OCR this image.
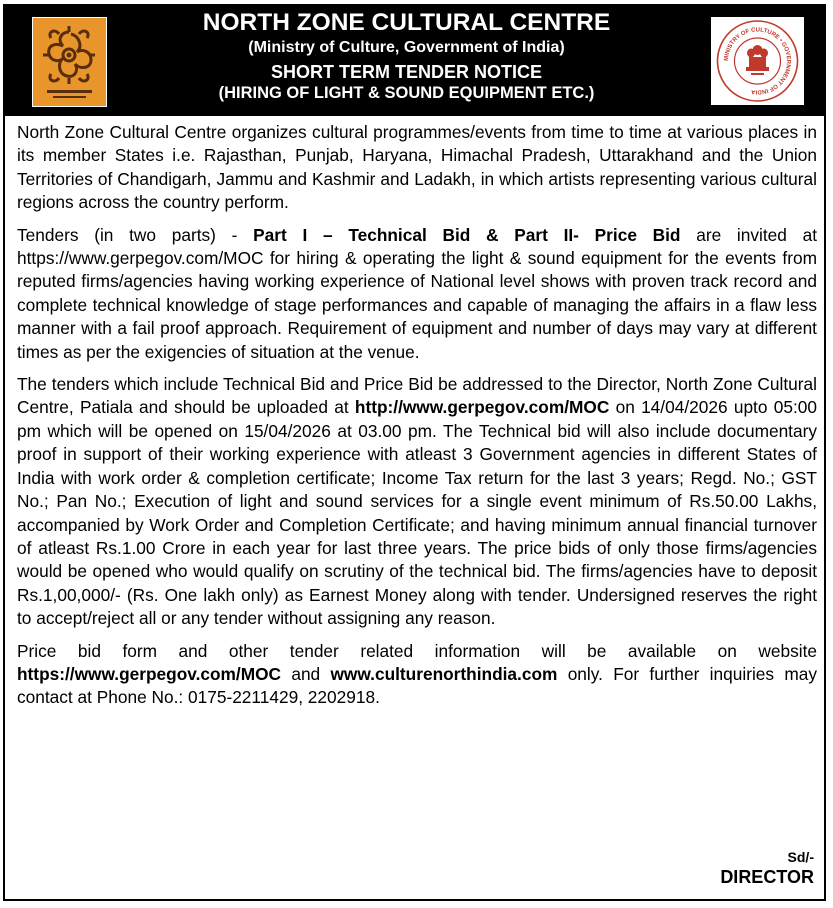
NORTH ZONE CULTURAL CENTRE
(Ministry of Culture, Government of India)
SHORT TERM TENDER NOTICE
(HIRING OF LIGHT & SOUND EQUIPMENT ETC.)
MINISTRY OF CULTURE • GOVERNMENT OF INDIA

North Zone Cultural Centre organizes cultural programmes/events from time to time at various places in its member States i.e. Rajasthan, Punjab, Haryana, Himachal Pradesh, Uttarakhand and the Union Territories of Chandigarh, Jammu and Kashmir and Ladakh, in which artists representing various cultural regions across the country perform.

Tenders (in two parts) - Part I – Technical Bid & Part II- Price Bid are invited at https://www.gerpegov.com/MOC for hiring & operating the light & sound equipment for the events from reputed firms/agencies having working experience of National level shows with proven track record and complete technical knowledge of stage performances and capable of managing the affairs in a flaw less manner with a fail proof approach. Requirement of equipment and number of days may vary at different times as per the exigencies of situation at the venue.

The tenders which include Technical Bid and Price Bid be addressed to the Director, North Zone Cultural Centre, Patiala and should be uploaded at http://www.gerpegov.com/MOC on 14/04/2026 upto 05:00 pm which will be opened on 15/04/2026 at 03.00 pm. The Technical bid will also include documentary proof in support of their working experience with atleast 3 Government agencies in different States of India with work order & completion certificate; Income Tax return for the last 3 years; Regd. No.; GST No.; Pan No.; Execution of light and sound services for a single event minimum of Rs.50.00 Lakhs, accompanied by Work Order and Completion Certificate; and having minimum annual financial turnover of atleast Rs.1.00 Crore in each year for last three years. The price bids of only those firms/agencies would be opened who would qualify on scrutiny of the technical bid. The firms/agencies have to deposit Rs.1,00,000/- (Rs. One lakh only) as Earnest Money along with tender. Undersigned reserves the right to accept/reject all or any tender without assigning any reason.

Price bid form and other tender related information will be available on website https://www.gerpegov.com/MOC and www.culturenorthindia.com only. For further inquiries may contact at Phone No.: 0175-2211429, 2202918.

Sd/-
DIRECTOR
